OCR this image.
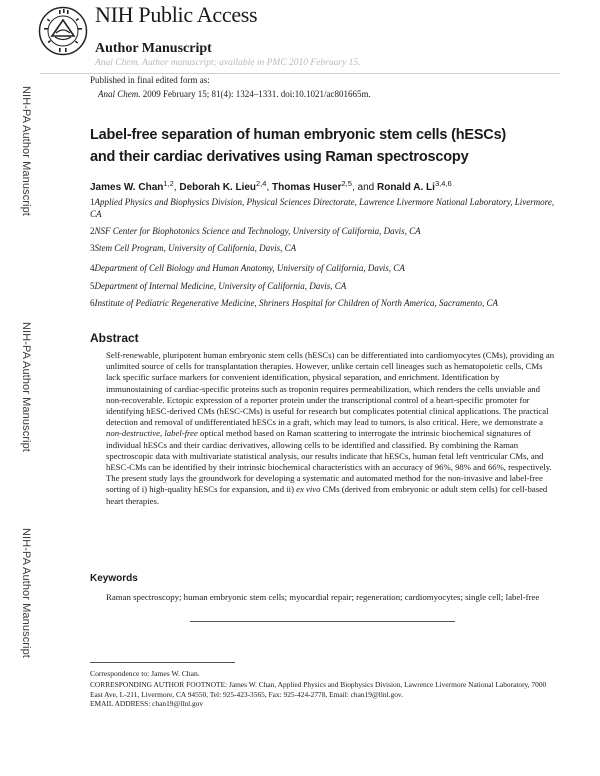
NIH Public Access
Author Manuscript
Anal Chem. Author manuscript; available in PMC 2010 February 15.
Published in final edited form as:
Anal Chem. 2009 February 15; 81(4): 1324–1331. doi:10.1021/ac801665m.
NIH-PA Author Manuscript
NIH-PA Author Manuscript
NIH-PA Author Manuscript
Label-free separation of human embryonic stem cells (hESCs) and their cardiac derivatives using Raman spectroscopy
James W. Chan$^{1,2}$, Deborah K. Lieu$^{2,4}$, Thomas Huser$^{2,5}$, and Ronald A. Li$^{3,4,6}$
1Applied Physics and Biophysics Division, Physical Sciences Directorate, Lawrence Livermore National Laboratory, Livermore, CA
2NSF Center for Biophotonics Science and Technology, University of California, Davis, CA
3Stem Cell Program, University of California, Davis, CA
4Department of Cell Biology and Human Anatomy, University of California, Davis, CA
5Department of Internal Medicine, University of California, Davis, CA
6Institute of Pediatric Regenerative Medicine, Shriners Hospital for Children of North America, Sacramento, CA
Abstract
Self-renewable, pluripotent human embryonic stem cells (hESCs) can be differentiated into cardiomyocytes (CMs), providing an unlimited source of cells for transplantation therapies. However, unlike certain cell lineages such as hematopoietic cells, CMs lack specific surface markers for convenient identification, physical separation, and enrichment. Identification by immunostaining of cardiac-specific proteins such as troponin requires permeabilization, which renders the cells unviable and non-recoverable. Ectopic expression of a reporter protein under the transcriptional control of a heart-specific promoter for identifying hESC-derived CMs (hESC-CMs) is useful for research but complicates potential clinical applications. The practical detection and removal of undifferentiated hESCs in a graft, which may lead to tumors, is also critical. Here, we demonstrate a non-destructive, label-free optical method based on Raman scattering to interrogate the intrinsic biochemical signatures of individual hESCs and their cardiac derivatives, allowing cells to be identified and classified. By combining the Raman spectroscopic data with multivariate statistical analysis, our results indicate that hESCs, human fetal left ventricular CMs, and hESC-CMs can be identified by their intrinsic biochemical characteristics with an accuracy of 96%, 98% and 66%, respectively. The present study lays the groundwork for developing a systematic and automated method for the non-invasive and label-free sorting of i) high-quality hESCs for expansion, and ii) ex vivo CMs (derived from embryonic or adult stem cells) for cell-based heart therapies.
Keywords
Raman spectroscopy; human embryonic stem cells; myocardial repair; regeneration; cardiomyocytes; single cell; label-free
Correspondence to: James W. Chan.
CORRESPONDING AUTHOR FOOTNOTE: James W. Chan, Applied Physics and Biophysics Division, Lawrence Livermore National Laboratory, 7000 East Ave, L-211, Livermore, CA 94550, Tel: 925-423-3565, Fax: 925-424-2778, Email: chan19@llnl.gov.
EMAIL ADDRESS: chan19@llnl.gov
